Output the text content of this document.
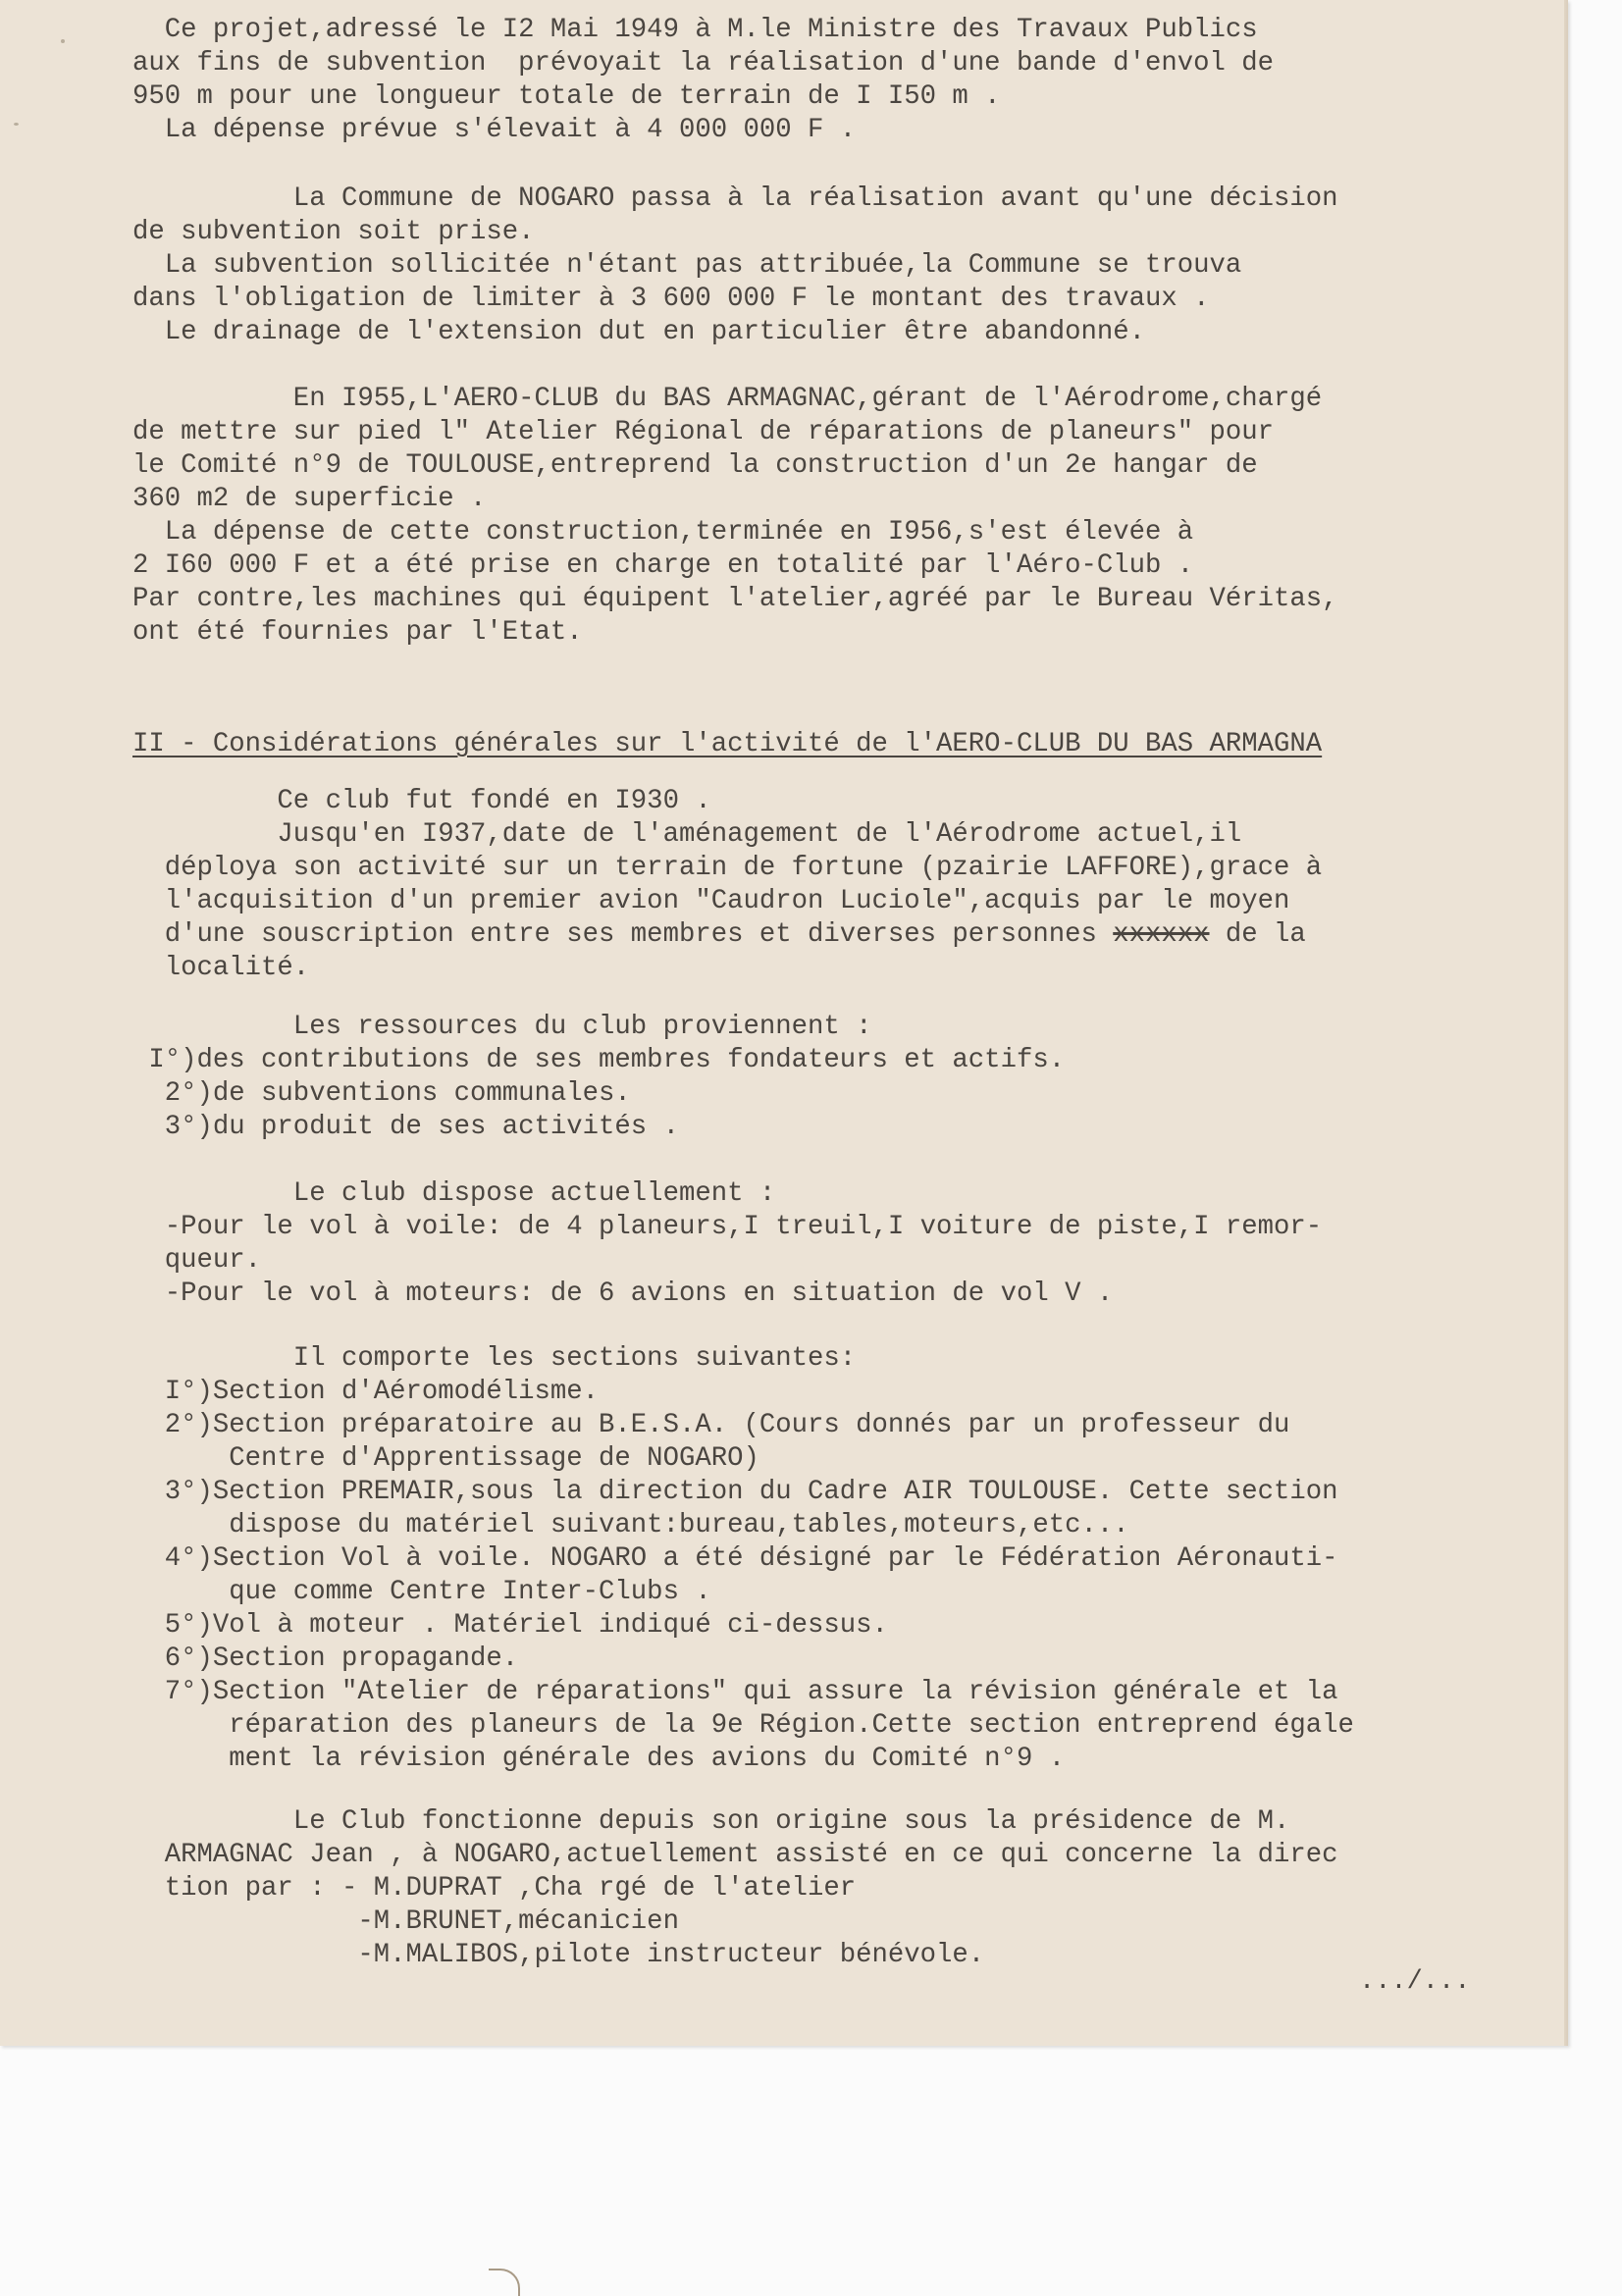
Ce projet,adressé le I2 Mai 1949 à M.le Ministre des Travaux Publics
aux fins de subvention  prévoyait la réalisation d'une bande d'envol de
950 m pour une longueur totale de terrain de I I50 m .
La dépense prévue s'élevait à 4 000 000 F .
La Commune de NOGARO passa à la réalisation avant qu'une décision
de subvention soit prise.
La subvention sollicitée n'étant pas attribuée,la Commune se trouva
dans l'obligation de limiter à 3 600 000 F le montant des travaux .
Le drainage de l'extension dut en particulier être abandonné.
En I955,L'AERO-CLUB du BAS ARMAGNAC,gérant de l'Aérodrome,chargé
de mettre sur pied l" Atelier Régional de réparations de planeurs" pour
le Comité n°9 de TOULOUSE,entreprend la construction d'un 2e hangar de
360 m2 de superficie .
La dépense de cette construction,terminée en I956,s'est élevée à
2 I60 000 F et a été prise en charge en totalité par l'Aéro-Club .
Par contre,les machines qui équipent l'atelier,agréé par le Bureau Véritas,
ont été fournies par l'Etat.
II - Considérations générales sur l'activité de l'AERO-CLUB DU BAS ARMAGNA
Ce club fut fondé en I930 .
Jusqu'en I937,date de l'aménagement de l'Aérodrome actuel,il
déploya son activité sur un terrain de fortune (pzairie LAFFORE),grace à
l'acquisition d'un premier avion "Caudron Luciole",acquis par le moyen
d'une souscription entre ses membres et diverses personnes xxxxxx de la
localité.
Les ressources du club proviennent :
I°)des contributions de ses membres fondateurs et actifs.
2°)de subventions communales.
3°)du produit de ses activités .
Le club dispose actuellement :
-Pour le vol à voile: de 4 planeurs,I treuil,I voiture de piste,I remor-
queur.
-Pour le vol à moteurs: de 6 avions en situation de vol V .
Il comporte les sections suivantes:
I°)Section d'Aéromodélisme.
2°)Section préparatoire au B.E.S.A. (Cours donnés par un professeur du
Centre d'Apprentissage de NOGARO)
3°)Section PREMAIR,sous la direction du Cadre AIR TOULOUSE. Cette section
dispose du matériel suivant:bureau,tables,moteurs,etc...
4°)Section Vol à voile. NOGARO a été désigné par le Fédération Aéronauti-
que comme Centre Inter-Clubs .
5°)Vol à moteur . Matériel indiqué ci-dessus.
6°)Section propagande.
7°)Section "Atelier de réparations" qui assure la révision générale et la
réparation des planeurs de la 9e Région.Cette section entreprend égale
ment la révision générale des avions du Comité n°9 .
Le Club fonctionne depuis son origine sous la présidence de M.
ARMAGNAC Jean , à NOGARO,actuellement assisté en ce qui concerne la direc
tion par : - M.DUPRAT ,Cha rgé de l'atelier
-M.BRUNET,mécanicien
-M.MALIBOS,pilote instructeur bénévole.
.../...
